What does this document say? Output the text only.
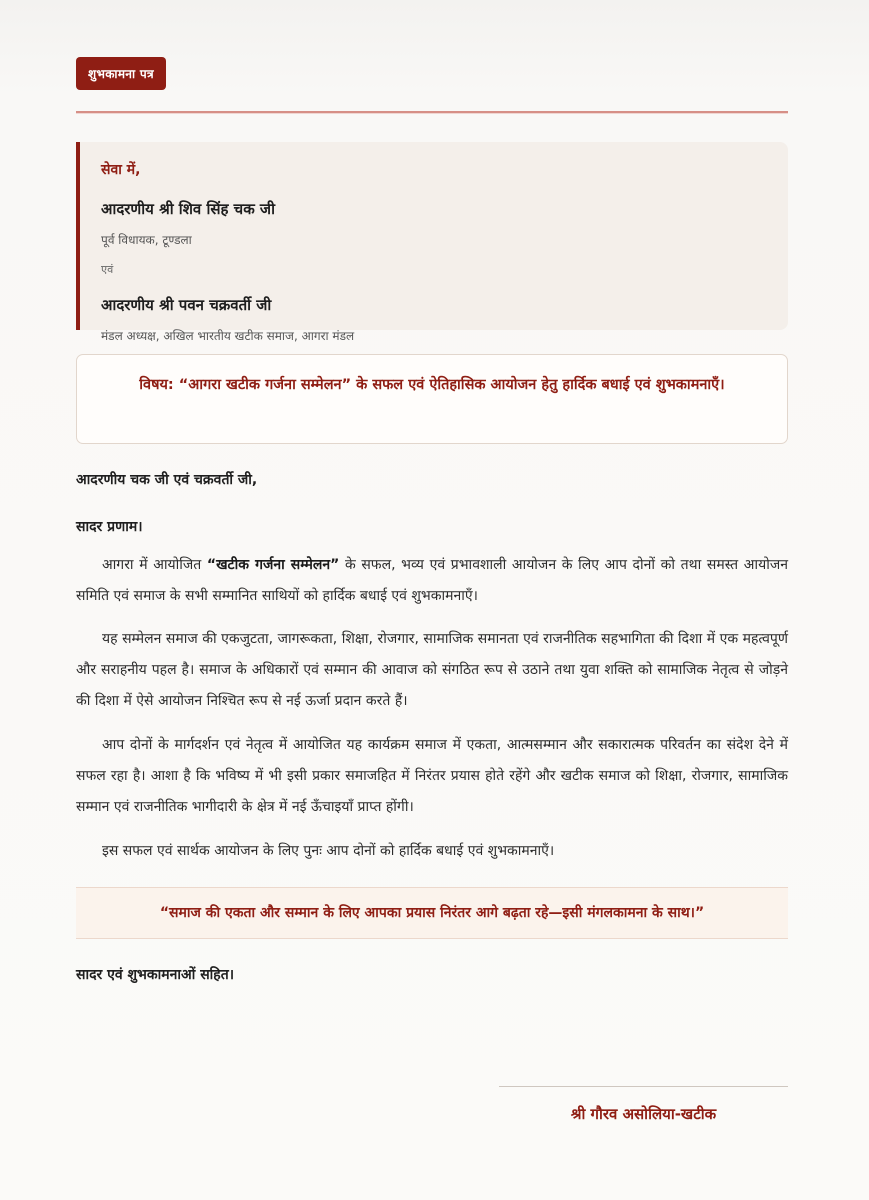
शुभकामना पत्र
सेवा में,
आदरणीय श्री शिव सिंह चक जी
पूर्व विधायक, टूण्डला
एवं
आदरणीय श्री पवन चक्रवर्ती जी
मंडल अध्यक्ष, अखिल भारतीय खटीक समाज, आगरा मंडल
विषय: “आगरा खटीक गर्जना सम्मेलन” के सफल एवं ऐतिहासिक आयोजन हेतु हार्दिक बधाई एवं शुभकामनाएँ।
आदरणीय चक जी एवं चक्रवर्ती जी,
सादर प्रणाम।

आगरा में आयोजित “खटीक गर्जना सम्मेलन” के सफल, भव्य एवं प्रभावशाली आयोजन के लिए आप दोनों को तथा समस्त आयोजन समिति एवं समाज के सभी सम्मानित साथियों को हार्दिक बधाई एवं शुभकामनाएँ।

यह सम्मेलन समाज की एकजुटता, जागरूकता, शिक्षा, रोजगार, सामाजिक समानता एवं राजनीतिक सहभागिता की दिशा में एक महत्वपूर्ण और सराहनीय पहल है। समाज के अधिकारों एवं सम्मान की आवाज को संगठित रूप से उठाने तथा युवा शक्ति को सामाजिक नेतृत्व से जोड़ने की दिशा में ऐसे आयोजन निश्चित रूप से नई ऊर्जा प्रदान करते हैं।

आप दोनों के मार्गदर्शन एवं नेतृत्व में आयोजित यह कार्यक्रम समाज में एकता, आत्मसम्मान और सकारात्मक परिवर्तन का संदेश देने में सफल रहा है। आशा है कि भविष्य में भी इसी प्रकार समाजहित में निरंतर प्रयास होते रहेंगे और खटीक समाज को शिक्षा, रोजगार, सामाजिक सम्मान एवं राजनीतिक भागीदारी के क्षेत्र में नई ऊँचाइयाँ प्राप्त होंगी।

इस सफल एवं सार्थक आयोजन के लिए पुनः आप दोनों को हार्दिक बधाई एवं शुभकामनाएँ।

“समाज की एकता और सम्मान के लिए आपका प्रयास निरंतर आगे बढ़ता रहे—इसी मंगलकामना के साथ।”
सादर एवं शुभकामनाओं सहित।
श्री गौरव असोलिया-खटीक
